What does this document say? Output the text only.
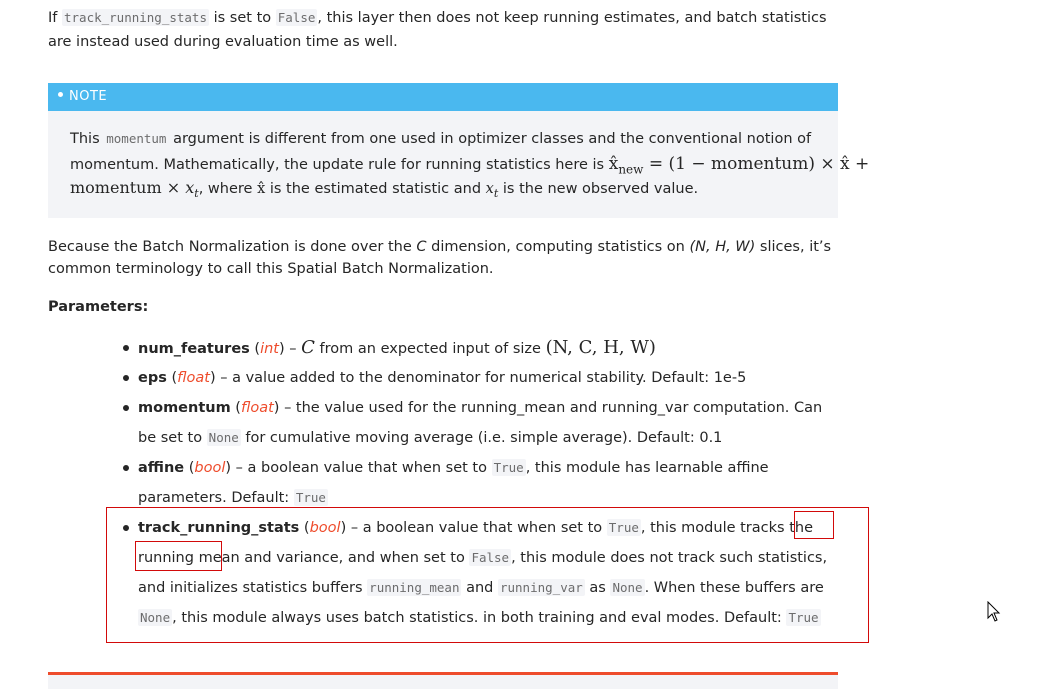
If track_running_stats is set to False , this layer then does not keep running estimates, and batch statistics are instead used during evaluation time as well.

NOTE
This momentum argument is different from one used in optimizer classes and the conventional notion of
momentum. Mathematically, the update rule for running statistics here is $x̂_{new} = (1$ − momentum) × x̂ +
momentum × $x_t$, where x̂ is the estimated statistic and $x_t$ is the new observed value.

Because the Batch Normalization is done over the C dimension, computing statistics on (N, H, W) slices, it’s common terminology to call this Spatial Batch Normalization.

Parameters:

num_features (int) – C from an expected input of size (N, C, H, W)
eps (float) – a value added to the denominator for numerical stability. Default: 1e-5
momentum (float) – the value used for the running_mean and running_var computation. Can be set to None for cumulative moving average (i.e. simple average). Default: 0.1
affine (bool) – a boolean value that when set to True , this module has learnable affine parameters. Default: True
track_running_stats (bool) – a boolean value that when set to True , this module tracks the running mean and variance, and when set to False , this module does not track such statistics, and initializes statistics buffers running_mean and running_var as None . When these buffers are None , this module always uses batch statistics. in both training and eval modes. Default: True
